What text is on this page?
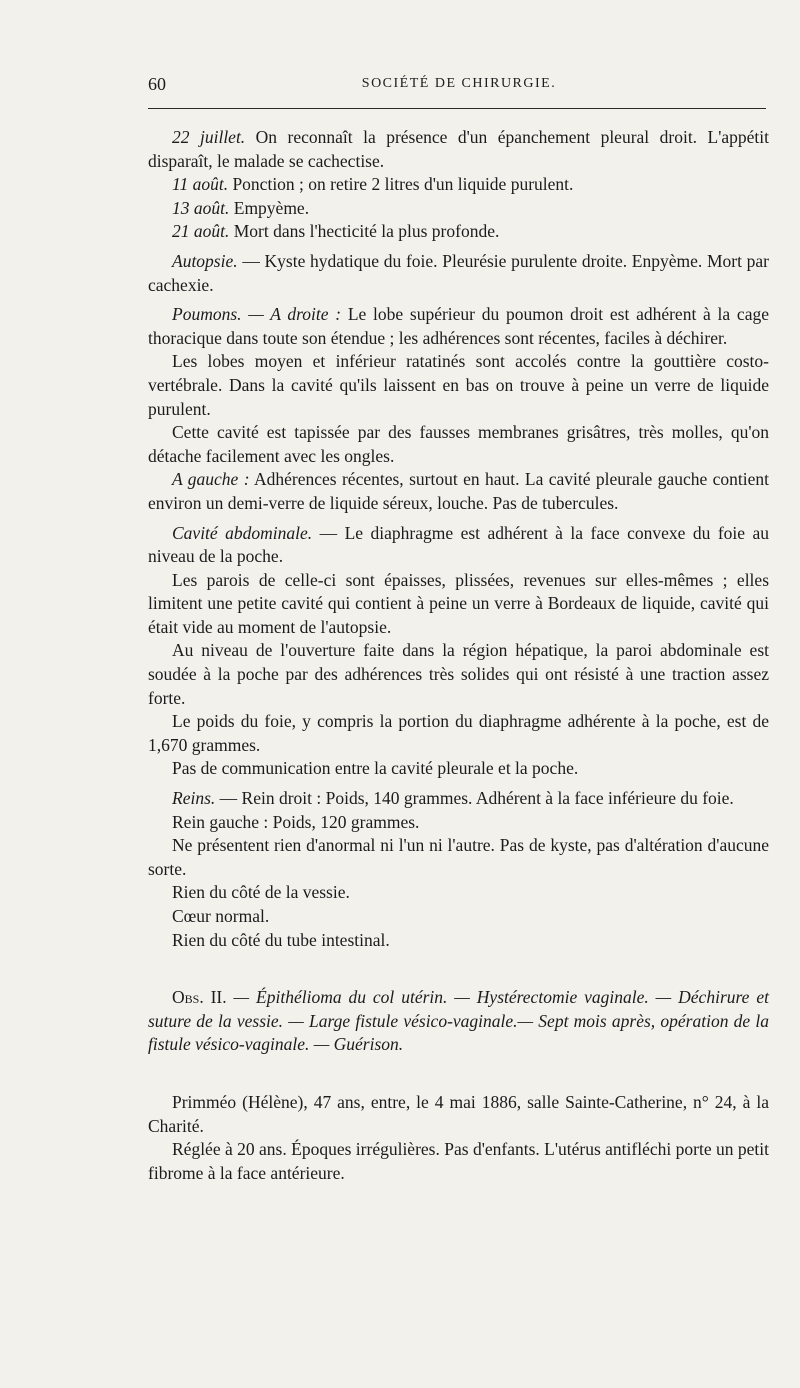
60	SOCIÉTÉ DE CHIRURGIE.

22 juillet. On reconnaît la présence d'un épanchement pleural droit. L'appétit disparaît, le malade se cachectise.

11 août. Ponction ; on retire 2 litres d'un liquide purulent.

13 août. Empyème.

21 août. Mort dans l'hecticité la plus profonde.

Autopsie. — Kyste hydatique du foie. Pleurésie purulente droite. Enpyème. Mort par cachexie.

Poumons. — A droite : Le lobe supérieur du poumon droit est adhérent à la cage thoracique dans toute son étendue ; les adhérences sont récentes, faciles à déchirer.

Les lobes moyen et inférieur ratatinés sont accolés contre la gouttière costo-vertébrale. Dans la cavité qu'ils laissent en bas on trouve à peine un verre de liquide purulent.

Cette cavité est tapissée par des fausses membranes grisâtres, très molles, qu'on détache facilement avec les ongles.

A gauche : Adhérences récentes, surtout en haut. La cavité pleurale gauche contient environ un demi-verre de liquide séreux, louche. Pas de tubercules.

Cavité abdominale. — Le diaphragme est adhérent à la face convexe du foie au niveau de la poche.

Les parois de celle-ci sont épaisses, plissées, revenues sur elles-mêmes ; elles limitent une petite cavité qui contient à peine un verre à Bordeaux de liquide, cavité qui était vide au moment de l'autopsie.

Au niveau de l'ouverture faite dans la région hépatique, la paroi abdominale est soudée à la poche par des adhérences très solides qui ont résisté à une traction assez forte.

Le poids du foie, y compris la portion du diaphragme adhérente à la poche, est de 1,670 grammes.

Pas de communication entre la cavité pleurale et la poche.

Reins. — Rein droit : Poids, 140 grammes. Adhérent à la face inférieure du foie.

Rein gauche : Poids, 120 grammes.

Ne présentent rien d'anormal ni l'un ni l'autre. Pas de kyste, pas d'altération d'aucune sorte.

Rien du côté de la vessie.

Cœur normal.

Rien du côté du tube intestinal.

Obs. II. — Épithélioma du col utérin. — Hystérectomie vaginale. — Déchirure et suture de la vessie. — Large fistule vésico-vaginale.— Sept mois après, opération de la fistule vésico-vaginale. — Guérison.

Primméo (Hélène), 47 ans, entre, le 4 mai 1886, salle Sainte-Catherine, n° 24, à la Charité.

Réglée à 20 ans. Époques irrégulières. Pas d'enfants. L'utérus antifléchi porte un petit fibrome à la face antérieure.
